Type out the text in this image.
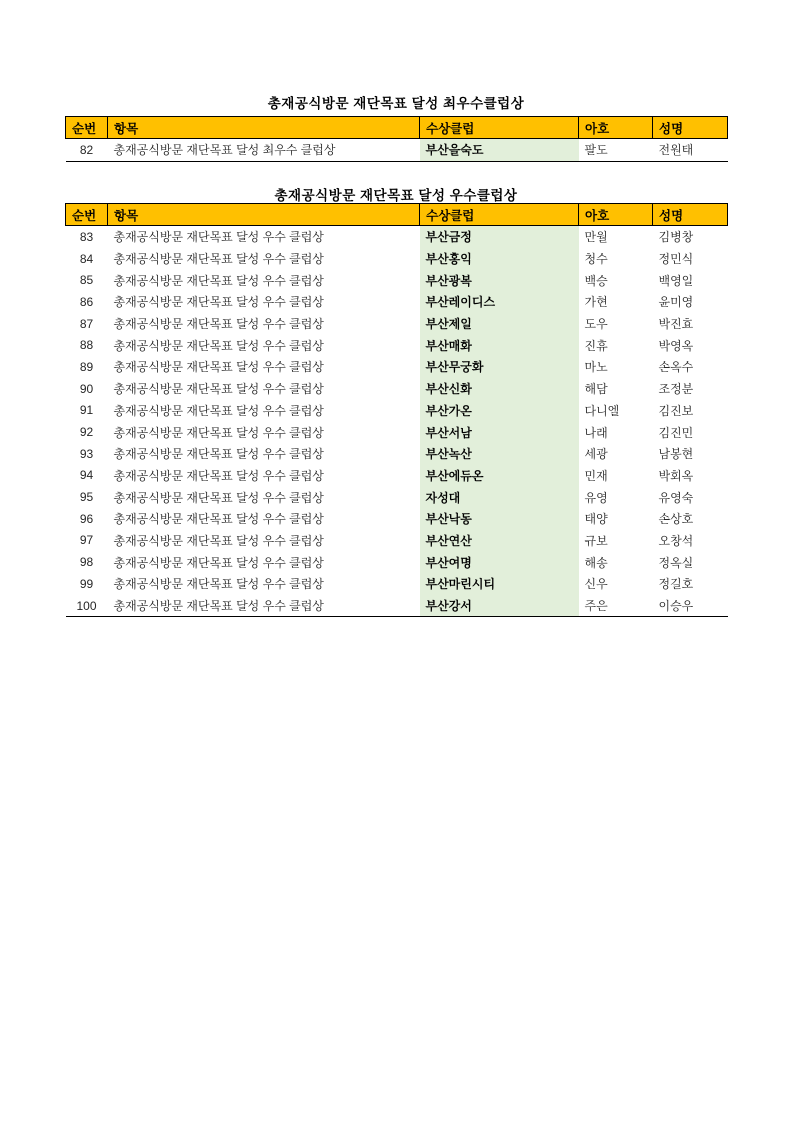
총재공식방문 재단목표 달성 최우수클럽상
순번	항목	수상클럽	아호	성명
82	총재공식방문 재단목표 달성 최우수 클럽상	부산을숙도	팔도	전원태
총재공식방문 재단목표 달성 우수클럽상
순번	항목	수상클럽	아호	성명
83	총재공식방문 재단목표 달성 우수 클럽상	부산금정	만월	김병창
84	총재공식방문 재단목표 달성 우수 클럽상	부산홍익	청수	정민식
85	총재공식방문 재단목표 달성 우수 클럽상	부산광복	백승	백영일
86	총재공식방문 재단목표 달성 우수 클럽상	부산레이디스	가현	윤미영
87	총재공식방문 재단목표 달성 우수 클럽상	부산제일	도우	박진효
88	총재공식방문 재단목표 달성 우수 클럽상	부산매화	진휴	박영옥
89	총재공식방문 재단목표 달성 우수 클럽상	부산무궁화	마노	손옥수
90	총재공식방문 재단목표 달성 우수 클럽상	부산신화	해담	조정분
91	총재공식방문 재단목표 달성 우수 클럽상	부산가온	다니엘	김진보
92	총재공식방문 재단목표 달성 우수 클럽상	부산서남	나래	김진민
93	총재공식방문 재단목표 달성 우수 클럽상	부산녹산	세광	남봉현
94	총재공식방문 재단목표 달성 우수 클럽상	부산에듀온	민재	박회옥
95	총재공식방문 재단목표 달성 우수 클럽상	자성대	유영	유영숙
96	총재공식방문 재단목표 달성 우수 클럽상	부산낙동	태양	손상호
97	총재공식방문 재단목표 달성 우수 클럽상	부산연산	규보	오창석
98	총재공식방문 재단목표 달성 우수 클럽상	부산여명	해송	정옥실
99	총재공식방문 재단목표 달성 우수 클럽상	부산마린시티	신우	정길호
100	총재공식방문 재단목표 달성 우수 클럽상	부산강서	주은	이승우
